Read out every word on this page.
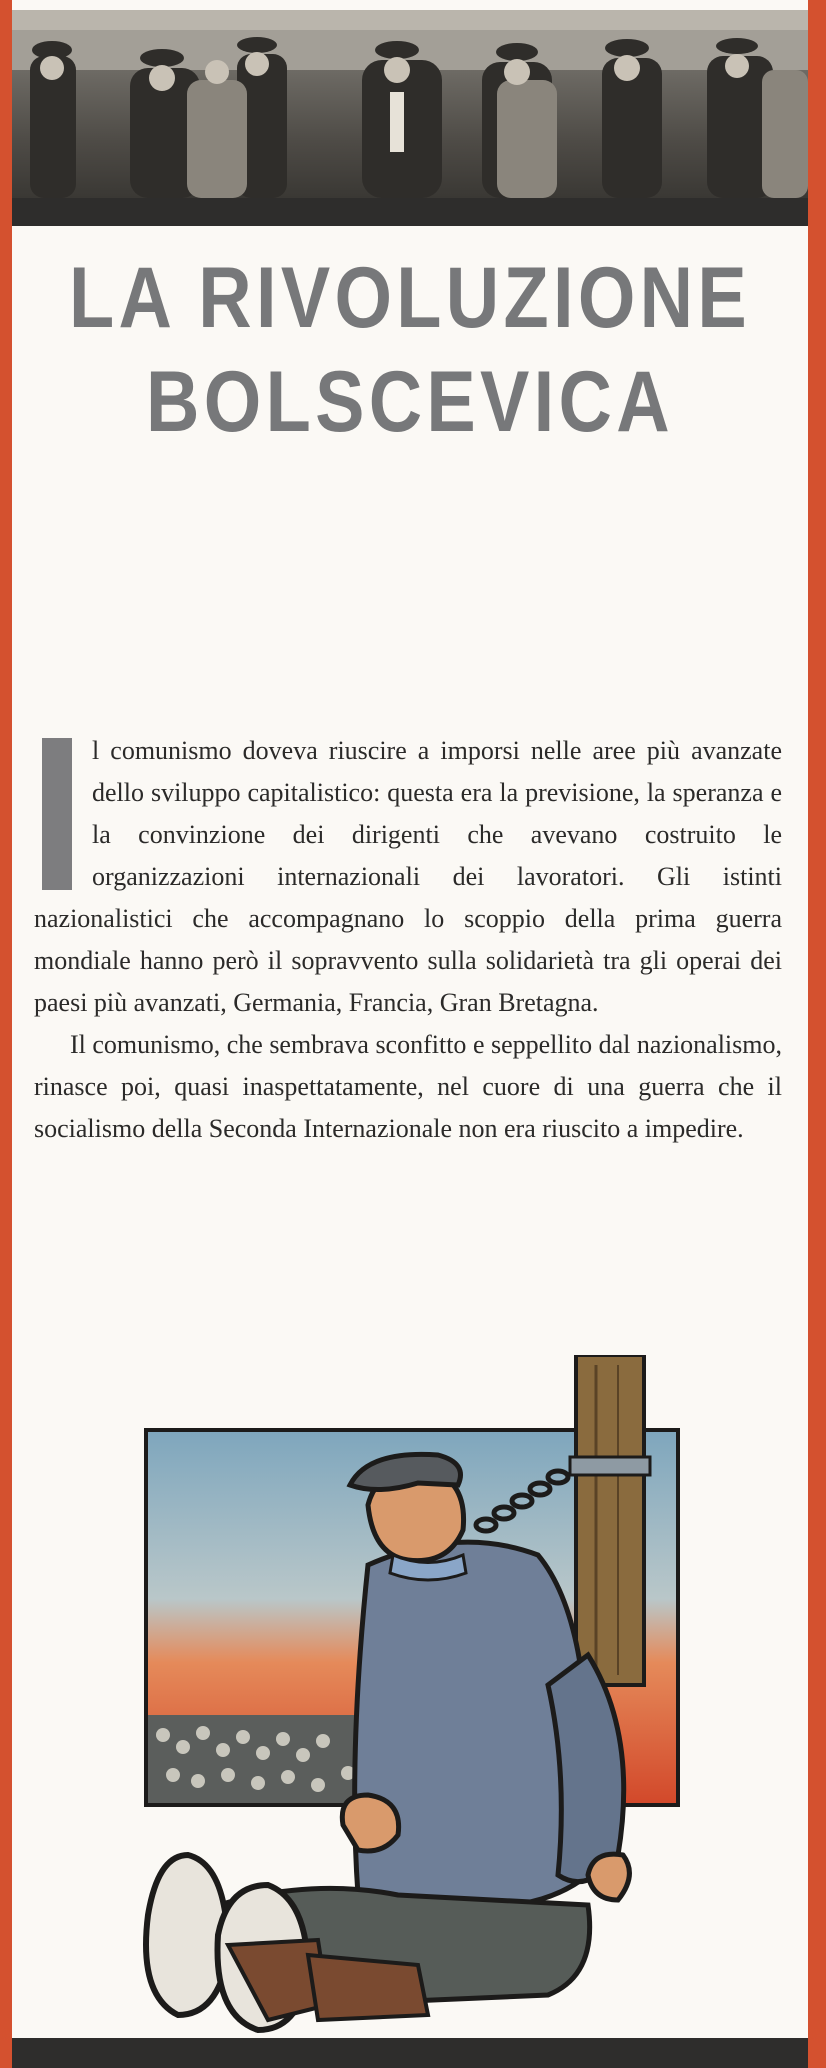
LA RIVOLUZIONE
BOLSCEVICA

l comunismo doveva riuscire a imporsi nelle aree più avanzate dello sviluppo capitalistico: questa era la previsione, la speranza e la convinzione dei dirigenti che avevano costruito le organizzazioni internazionali dei lavoratori. Gli istinti nazionalistici che accompagnano lo scoppio della prima guerra mondiale hanno però il sopravvento sulla solidarietà tra gli operai dei paesi più avanzati, Germania, Francia, Gran Bretagna.

Il comunismo, che sembrava sconfitto e seppellito dal nazionalismo, rinasce poi, quasi inaspettatamente, nel cuore di una guerra che il socialismo della Seconda Internazionale non era riuscito a impedire.
